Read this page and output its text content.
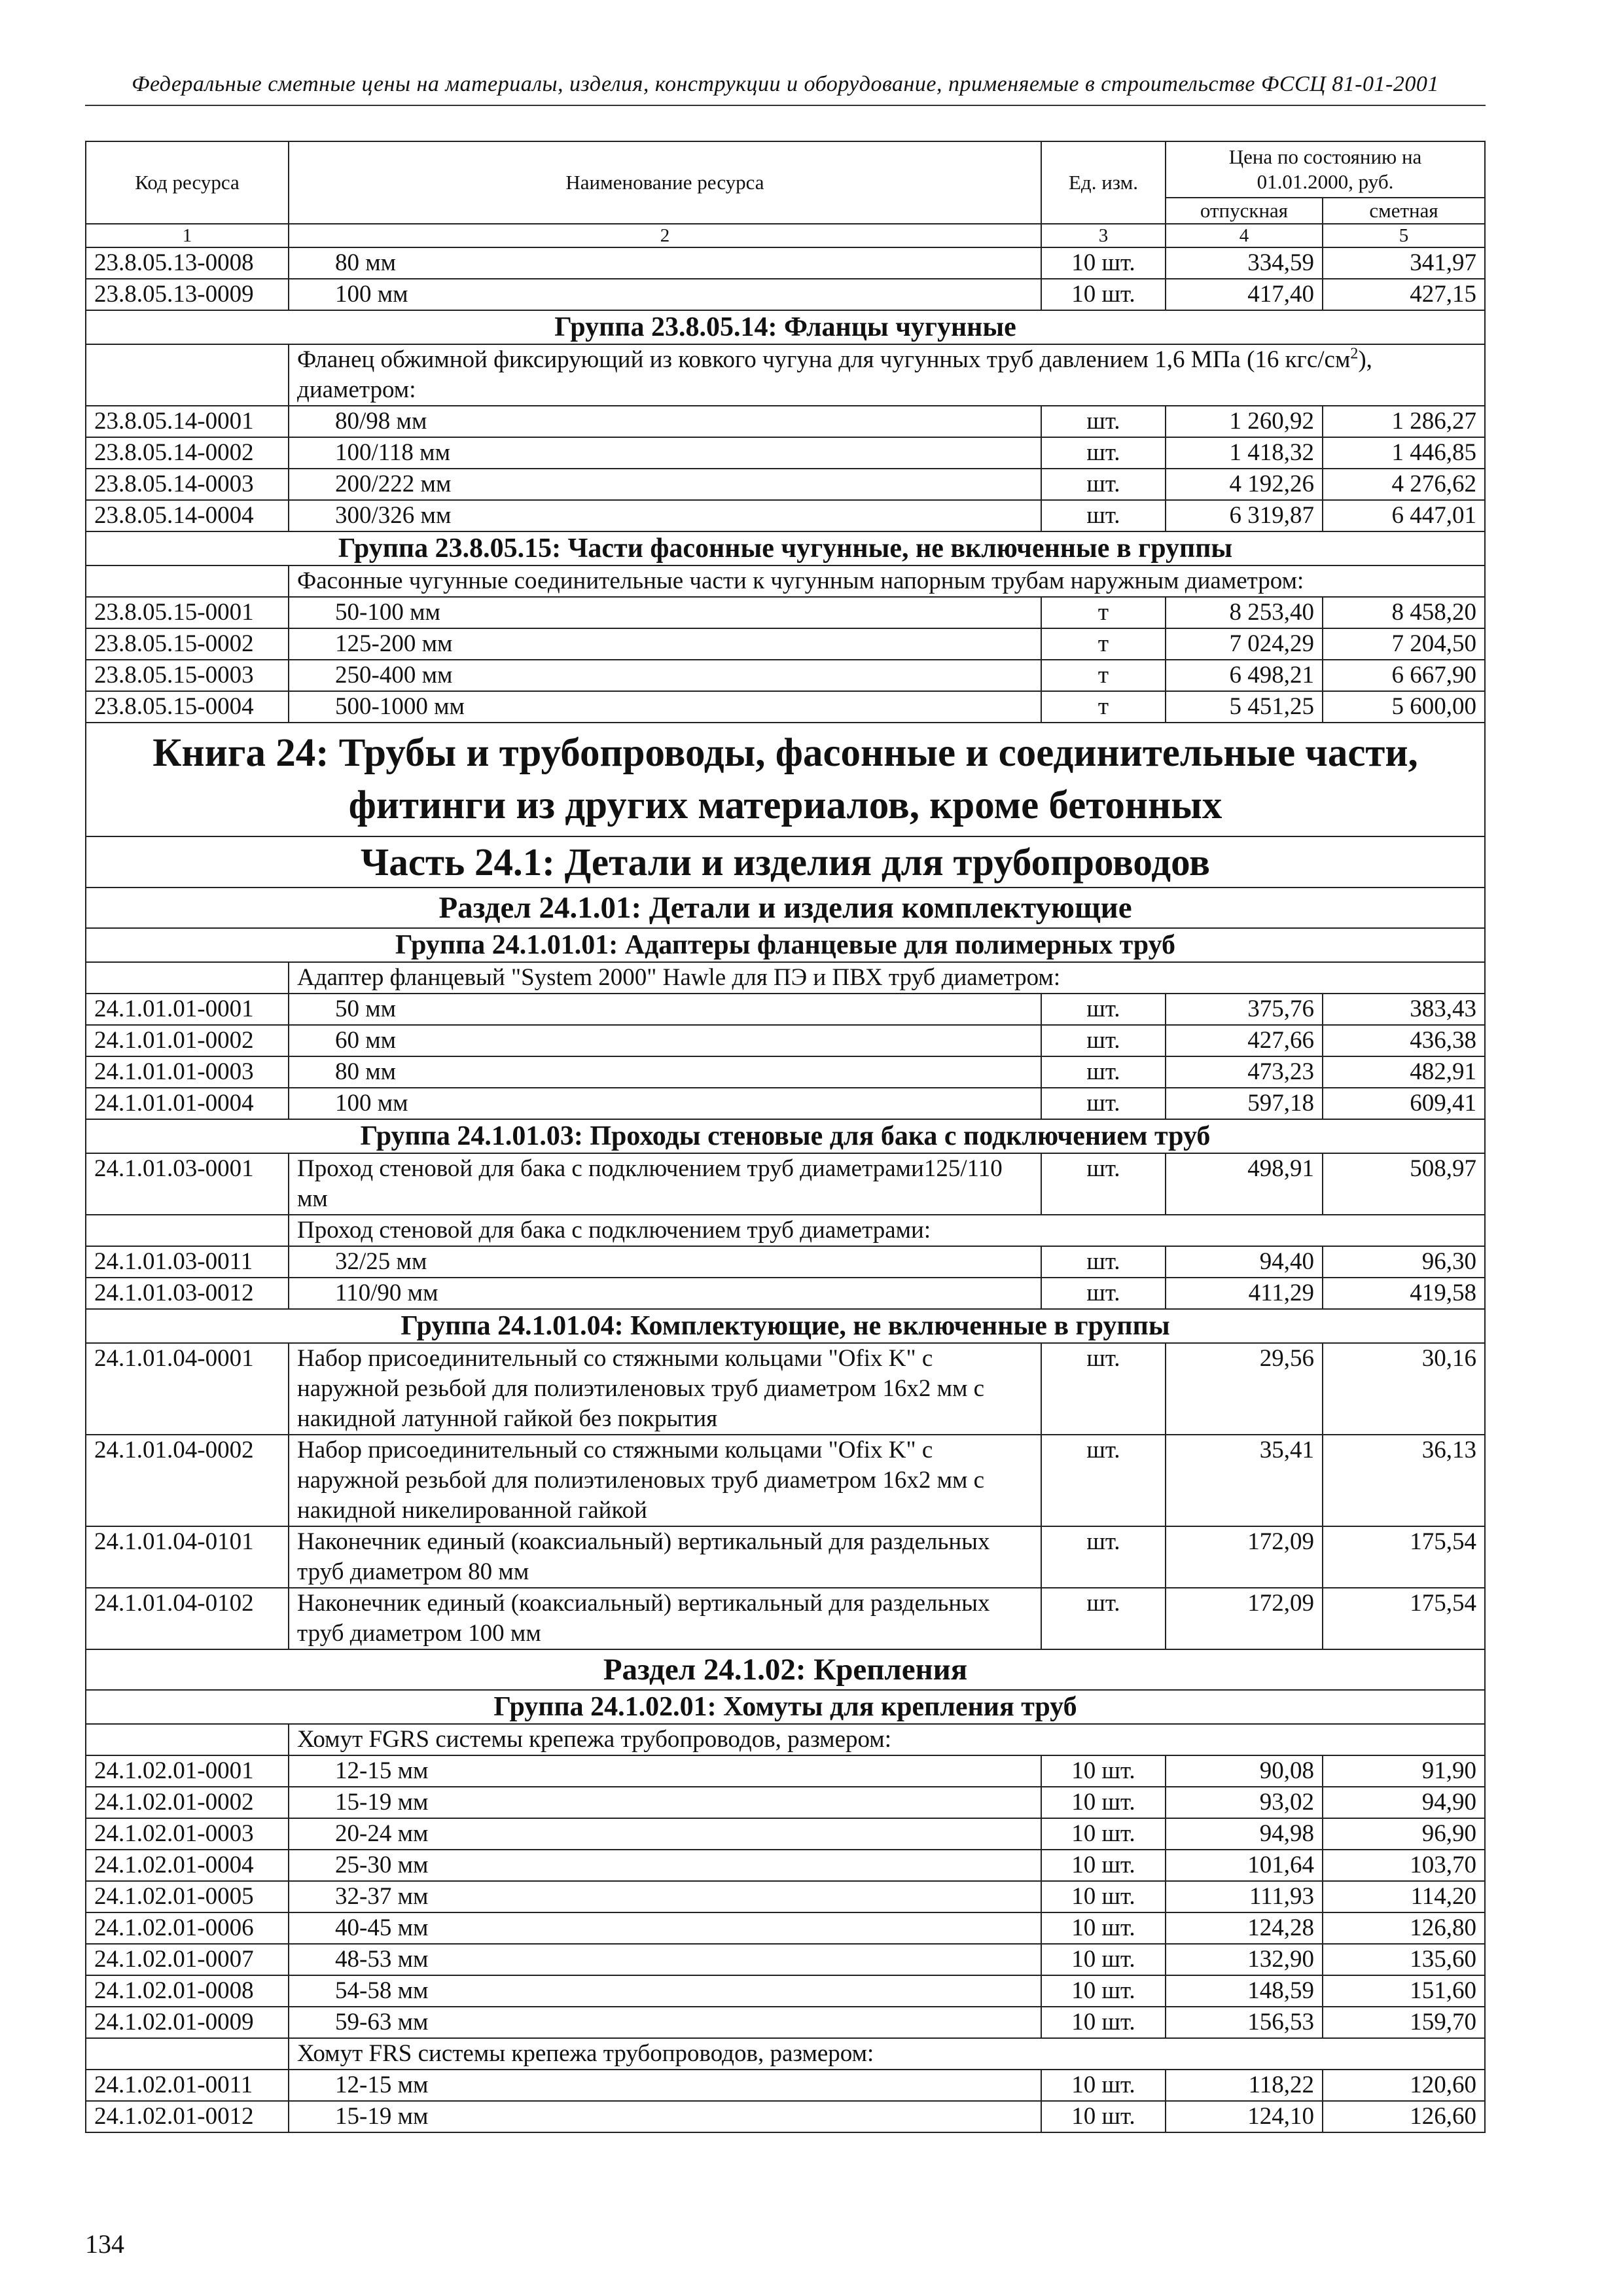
Федеральные сметные цены на материалы, изделия, конструкции и оборудование, применяемые в строительстве ФССЦ 81-01-2001
Код ресурса	Наименование ресурса	Ед. изм.	Цена по состоянию на 01.01.2000, руб.	
			отпускная	сметная
1	2	3	4	5
23.8.05.13-0008	80 мм	10 шт.	334,59	341,97
23.8.05.13-0009	100 мм	10 шт.	417,40	427,15
Группа 23.8.05.14: Фланцы чугунные				
	Фланец обжимной фиксирующий из ковкого чугуна для чугунных труб давлением 1,6 МПа (16 кгс/$см^2$), диаметром:			
23.8.05.14-0001	80/98 мм	шт.	1 260,92	1 286,27
23.8.05.14-0002	100/118 мм	шт.	1 418,32	1 446,85
23.8.05.14-0003	200/222 мм	шт.	4 192,26	4 276,62
23.8.05.14-0004	300/326 мм	шт.	6 319,87	6 447,01
Группа 23.8.05.15: Части фасонные чугунные, не включенные в группы				
	Фасонные чугунные соединительные части к чугунным напорным трубам наружным диаметром:			
23.8.05.15-0001	50-100 мм	т	8 253,40	8 458,20
23.8.05.15-0002	125-200 мм	т	7 024,29	7 204,50
23.8.05.15-0003	250-400 мм	т	6 498,21	6 667,90
23.8.05.15-0004	500-1000 мм	т	5 451,25	5 600,00

Книга 24: Трубы и трубопроводы, фасонные и соединительные части,
фитинги из других материалов, кроме бетонных				

Часть 24.1: Детали и изделия для трубопроводов				
Раздел 24.1.01: Детали и изделия комплектующие				
Группа 24.1.01.01: Адаптеры фланцевые для полимерных труб				
	Адаптер фланцевый "System 2000" Hawle для ПЭ и ПВХ труб диаметром:			
24.1.01.01-0001	50 мм	шт.	375,76	383,43
24.1.01.01-0002	60 мм	шт.	427,66	436,38
24.1.01.01-0003	80 мм	шт.	473,23	482,91
24.1.01.01-0004	100 мм	шт.	597,18	609,41
Группа 24.1.01.03: Проходы стеновые для бака с подключением труб				
24.1.01.03-0001	Проход стеновой для бака с подключением труб диаметрами125/110 мм	шт.	498,91	508,97
	Проход стеновой для бака с подключением труб диаметрами:			
24.1.01.03-0011	32/25 мм	шт.	94,40	96,30
24.1.01.03-0012	110/90 мм	шт.	411,29	419,58
Группа 24.1.01.04: Комплектующие, не включенные в группы				
24.1.01.04-0001	Набор присоединительный со стяжными кольцами "Ofix K" с наружной резьбой для полиэтиленовых труб диаметром 16x2 мм с накидной латунной гайкой без покрытия	шт.	29,56	30,16
24.1.01.04-0002	Набор присоединительный со стяжными кольцами "Ofix K" с наружной резьбой для полиэтиленовых труб диаметром 16x2 мм с накидной никелированной гайкой	шт.	35,41	36,13
24.1.01.04-0101	Наконечник единый (коаксиальный) вертикальный для раздельных труб диаметром 80 мм	шт.	172,09	175,54
24.1.01.04-0102	Наконечник единый (коаксиальный) вертикальный для раздельных труб диаметром 100 мм	шт.	172,09	175,54
Раздел 24.1.02: Крепления				
Группа 24.1.02.01: Хомуты для крепления труб				
	Хомут FGRS системы крепежа трубопроводов, размером:			
24.1.02.01-0001	12-15 мм	10 шт.	90,08	91,90
24.1.02.01-0002	15-19 мм	10 шт.	93,02	94,90
24.1.02.01-0003	20-24 мм	10 шт.	94,98	96,90
24.1.02.01-0004	25-30 мм	10 шт.	101,64	103,70
24.1.02.01-0005	32-37 мм	10 шт.	111,93	114,20
24.1.02.01-0006	40-45 мм	10 шт.	124,28	126,80
24.1.02.01-0007	48-53 мм	10 шт.	132,90	135,60
24.1.02.01-0008	54-58 мм	10 шт.	148,59	151,60
24.1.02.01-0009	59-63 мм	10 шт.	156,53	159,70
	Хомут FRS системы крепежа трубопроводов, размером:			
24.1.02.01-0011	12-15 мм	10 шт.	118,22	120,60
24.1.02.01-0012	15-19 мм	10 шт.	124,10	126,60
134
